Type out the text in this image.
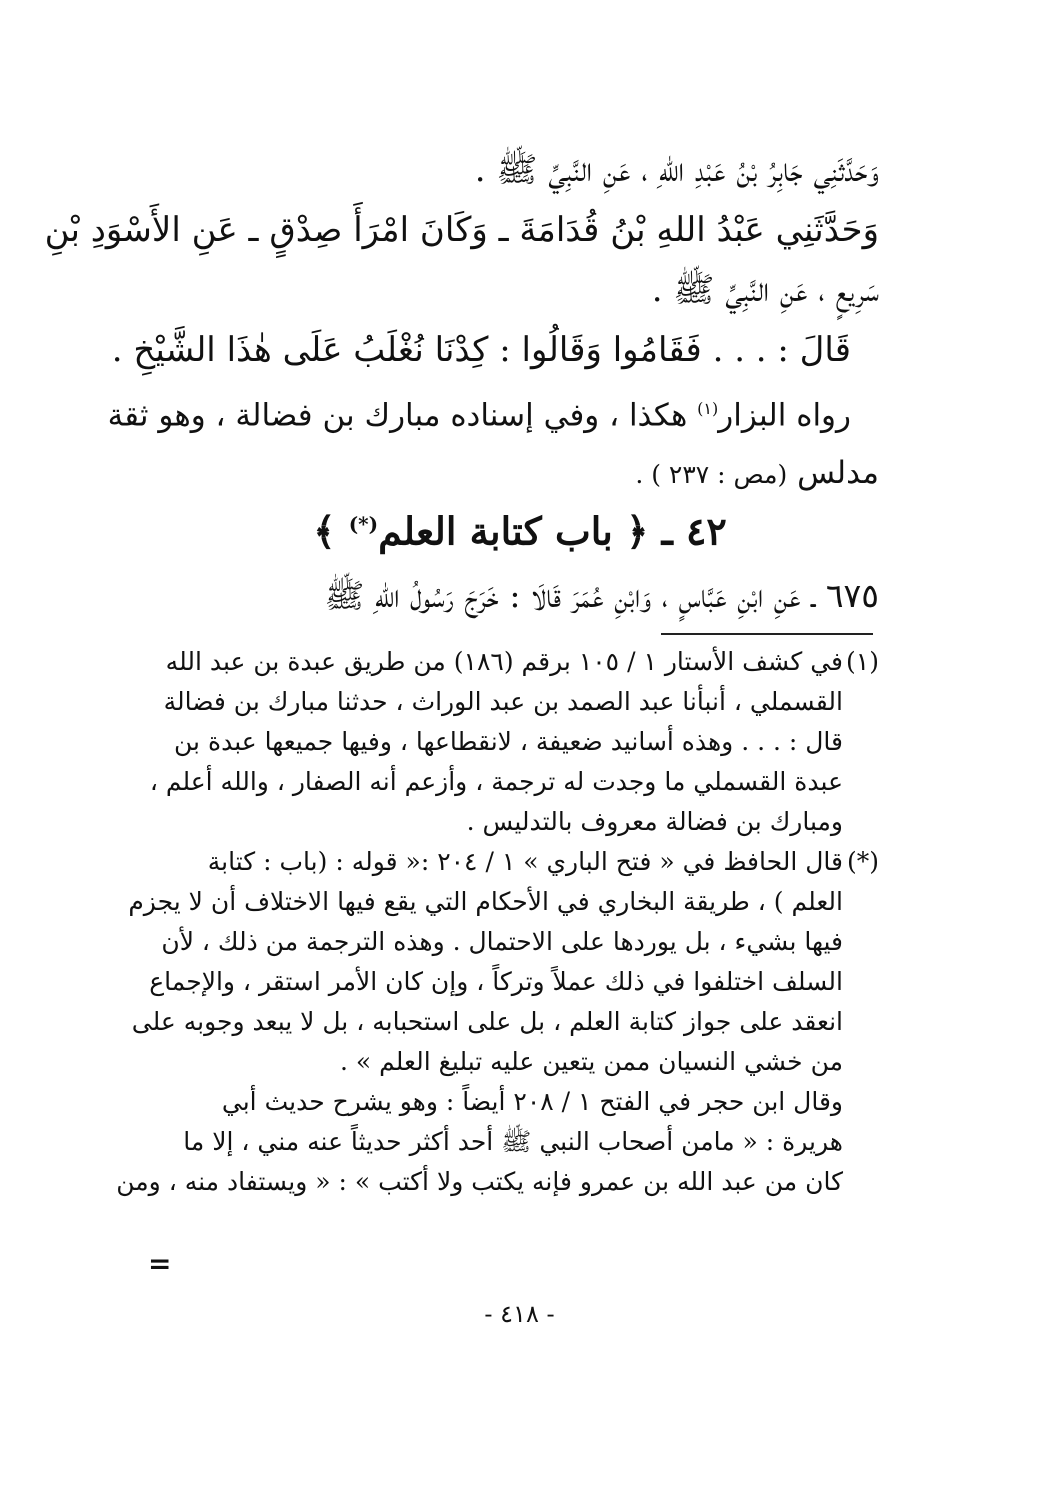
وَحَدَّثَنِي جَابِرُ بْنُ عَبْدِ اللهِ ، عَنِ النَّبِيِّ ﷺ .
وَحَدَّثَنِي عَبْدُ اللهِ بْنُ قُدَامَةَ ـ وَكَانَ امْرَأَ صِدْقٍ ـ عَنِ الأَسْوَدِ بْنِ
سَرِيعٍ ، عَنِ النَّبِيِّ ﷺ .
قَالَ : . . . فَقَامُوا وَقَالُوا : كِدْنَا نُغْلَبُ عَلَى هٰذَا الشَّيْخِ .
رواه البزار$^{(١)}$ هكذا ، وفي إسناده مبارك بن فضالة ، وهو ثقة
مدلس (مص : ٢٣٧ ) .
٤٢ ـ ﴿ باب كتابة العلم(*) ﴾
٦٧٥ ـ عَنِ ابْنِ عَبَّاسٍ ، وَابْنِ عُمَرَ قَالَا : خَرَجَ رَسُولُ اللهِ ﷺ
(١)في كشف الأستار ١ / ١٠٥ برقم (١٨٦) من طريق عبدة بن عبد الله
القسملي ، أنبأنا عبد الصمد بن عبد الوراث ، حدثنا مبارك بن فضالة
قال : . . . وهذه أسانيد ضعيفة ، لانقطاعها ، وفيها جميعها عبدة بن
عبدة القسملي ما وجدت له ترجمة ، وأزعم أنه الصفار ، والله أعلم ،
ومبارك بن فضالة معروف بالتدليس .
(*)قال الحافظ في « فتح الباري » ١ / ٢٠٤ :« قوله : (باب : كتابة
العلم ) ، طريقة البخاري في الأحكام التي يقع فيها الاختلاف أن لا يجزم
فيها بشيء ، بل يوردها على الاحتمال . وهذه الترجمة من ذلك ، لأن
السلف اختلفوا في ذلك عملاً وتركاً ، وإن كان الأمر استقر ، والإجماع
انعقد على جواز كتابة العلم ، بل على استحبابه ، بل لا يبعد وجوبه على
من خشي النسيان ممن يتعين عليه تبليغ العلم » .
وقال ابن حجر في الفتح ١ / ٢٠٨ أيضاً : وهو يشرح حديث أبي
هريرة : « مامن أصحاب النبي ﷺ أحد أكثر حديثاً عنه مني ، إلا ما
كان من عبد الله بن عمرو فإنه يكتب ولا أكتب » : « ويستفاد منه ، ومن
=
- ٤١٨ -
